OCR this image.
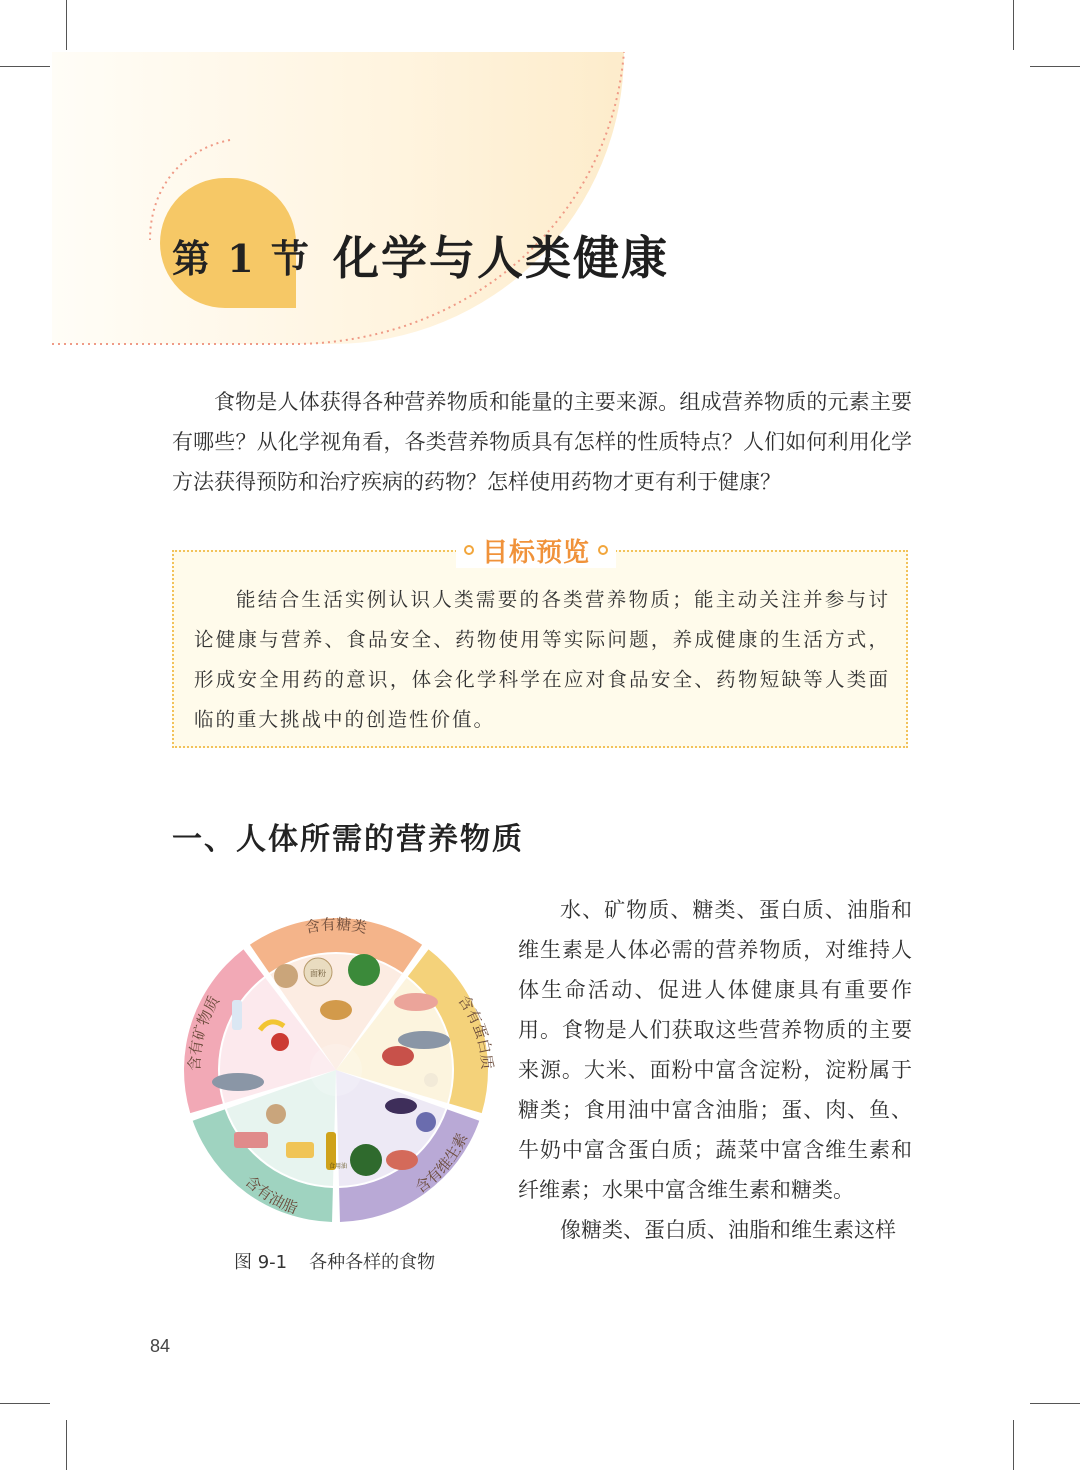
第 1 节 化学与人类健康

食物是人体获得各种营养物质和能量的主要来源。组成营养物质的元素主要有哪些？从化学视角看，各类营养物质具有怎样的性质特点？人们如何利用化学方法获得预防和治疗疾病的药物？怎样使用药物才更有利于健康？

目标预览

能结合生活实例认识人类需要的各类营养物质；能主动关注并参与讨论健康与营养、食品安全、药物使用等实际问题，养成健康的生活方式，形成安全用药的意识，体会化学科学在应对食品安全、药物短缺等人类面临的重大挑战中的创造性价值。

一、人体所需的营养物质
面粉
含有糖类
含有蛋白质
含有维生素
含有油脂
含有矿物质
食用油
图 9-1 各种各样的食物

水、矿物质、糖类、蛋白质、油脂和维生素是人体必需的营养物质，对维持人体生命活动、促进人体健康具有重要作用。食物是人们获取这些营养物质的主要来源。大米、面粉中富含淀粉，淀粉属于糖类；食用油中富含油脂；蛋、肉、鱼、牛奶中富含蛋白质；蔬菜中富含维生素和纤维素；水果中富含维生素和糖类。

像糖类、蛋白质、油脂和维生素这样

84
